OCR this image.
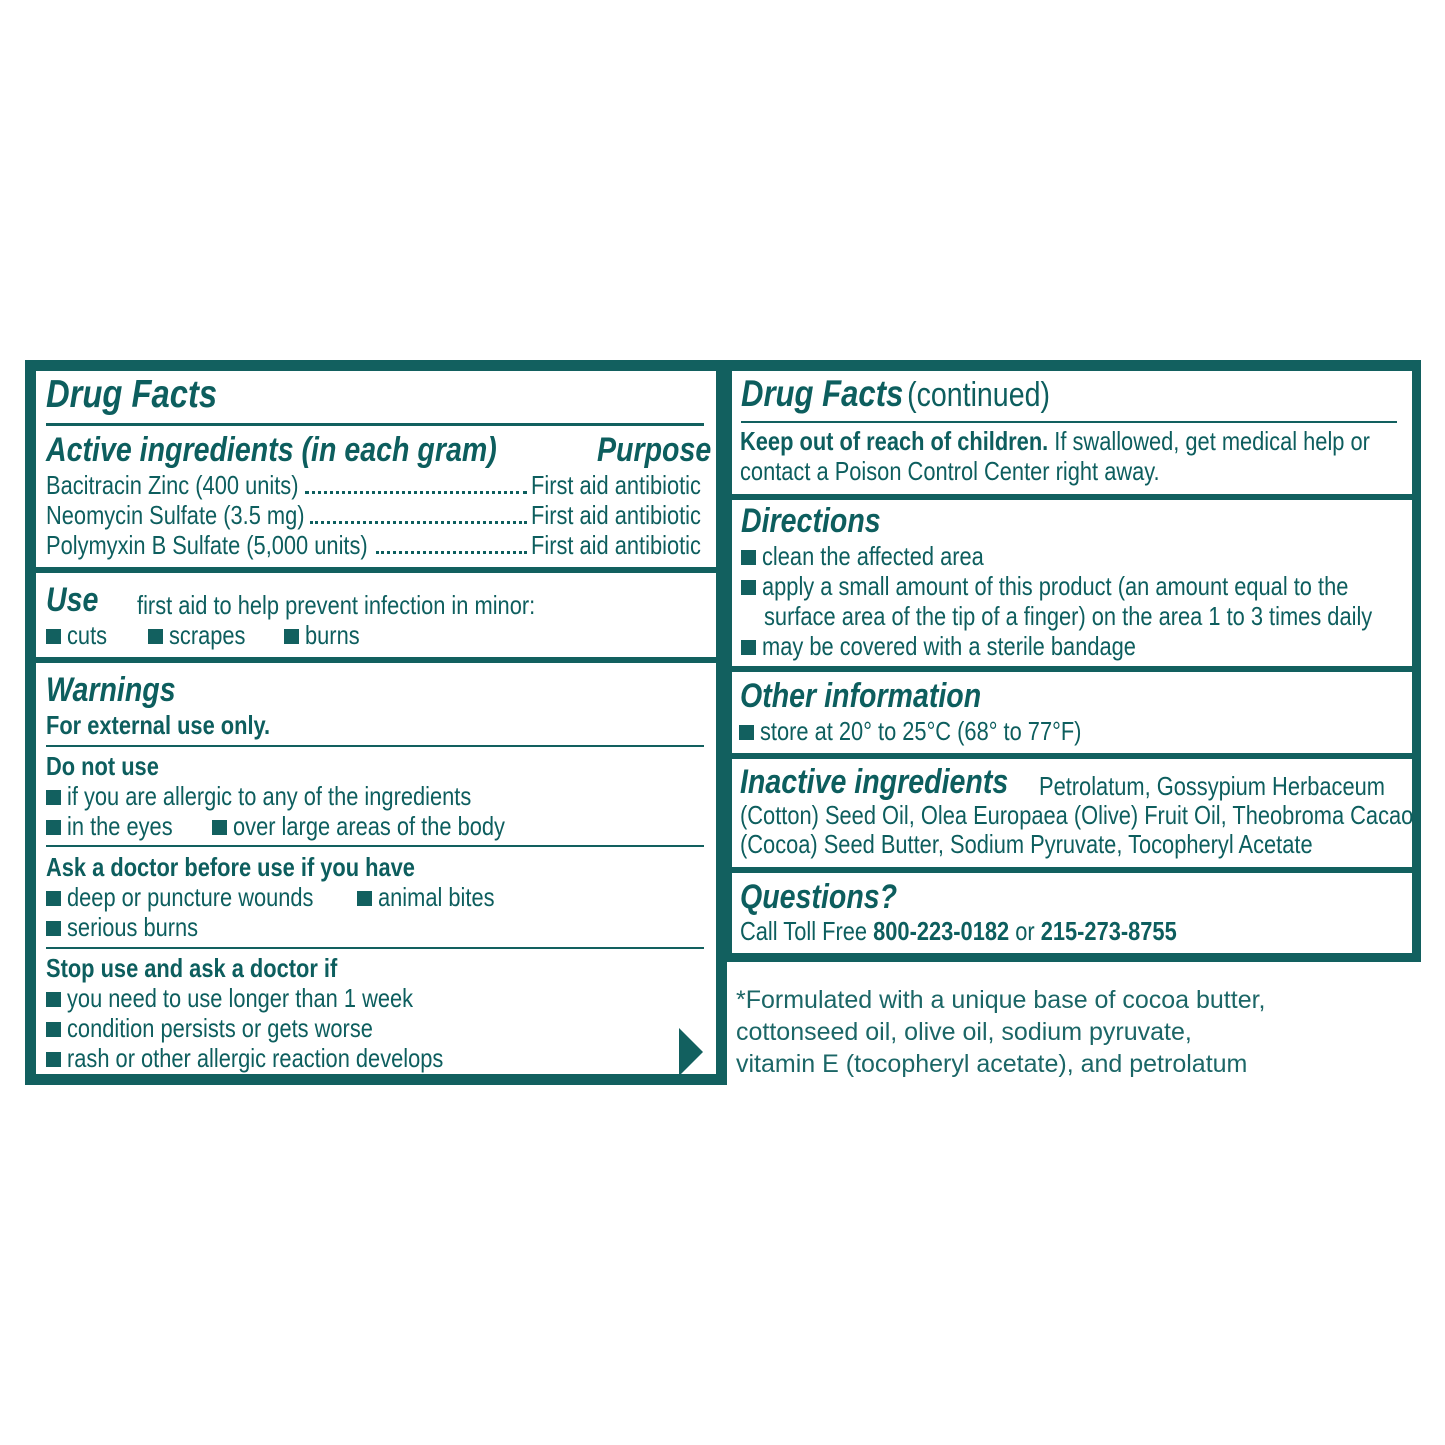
Drug Facts
Active ingredients (in each gram)	Purpose
Bacitracin Zinc (400 units)	First aid antibiotic
Neomycin Sulfate (3.5 mg)	First aid antibiotic
Polymyxin B Sulfate (5,000 units)	First aid antibiotic
Use	first aid to help prevent infection in minor:
cuts	scrapes	burns
Warnings
For external use only.
Do not use
if you are allergic to any of the ingredients
in the eyes	over large areas of the body
Ask a doctor before use if you have
deep or puncture wounds	animal bites
serious burns
Stop use and ask a doctor if
you need to use longer than 1 week
condition persists or gets worse
rash or other allergic reaction develops
Drug Facts (continued)
Keep out of reach of children. If swallowed, get medical help or
contact a Poison Control Center right away.
Directions
clean the affected area
apply a small amount of this product (an amount equal to the
surface area of the tip of a finger) on the area 1 to 3 times daily
may be covered with a sterile bandage
Other information
store at 20° to 25°C (68° to 77°F)
Inactive ingredients	Petrolatum, Gossypium Herbaceum
(Cotton) Seed Oil, Olea Europaea (Olive) Fruit Oil, Theobroma Cacao
(Cocoa) Seed Butter, Sodium Pyruvate, Tocopheryl Acetate
Questions?
Call Toll Free 800-223-0182 or 215-273-8755
*Formulated with a unique base of cocoa butter,
cottonseed oil, olive oil, sodium pyruvate,
vitamin E (tocopheryl acetate), and petrolatum
